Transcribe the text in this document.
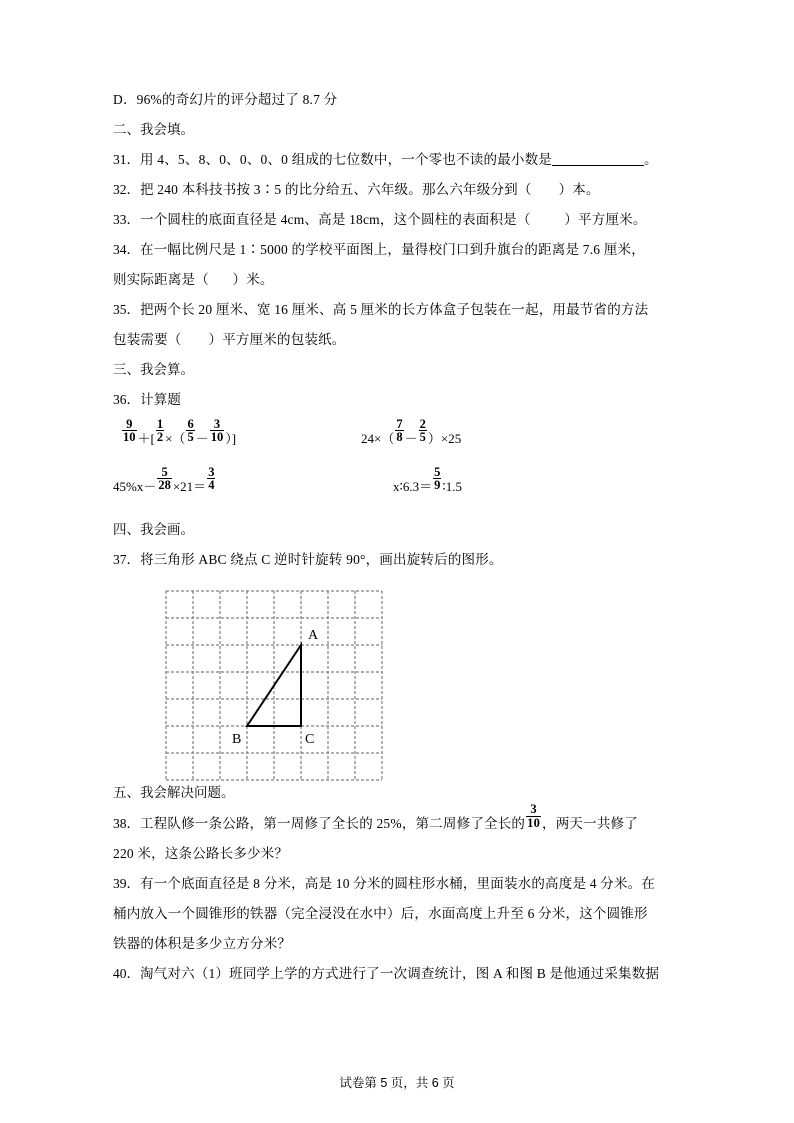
D．96%的奇幻片的评分超过了 8.7 分
二、我会填。
31．用 4、5、8、0、0、0、0 组成的七位数中，一个零也不读的最小数是	。
32．把 240 本科技书按 3∶5 的比分给五、六年级。那么六年级分到（ ）本。
33．一个圆柱的底面直径是 4cm、高是 18cm，这个圆柱的表面积是（	）平方厘米。
34．在一幅比例尺是 1∶5000 的学校平面图上，量得校门口到升旗台的距离是 7.6 厘米，
则实际距离是（ ）米。
35．把两个长 20 厘米、宽 16 厘米、高 5 厘米的长方体盒子包装在一起，用最节省的方法
包装需要（ ）平方厘米的包装纸。
三、我会算。
36．计算题
$\frac{9}{10}$ ＋[ $\frac{1}{2}$ ×（ $\frac{6}{5} - \frac{3}{10}$ ）]	$24\times( \frac{7}{8} - \frac{2}{5} )\times 25$
$45\%x- \frac{5}{28} \times 21= \frac{3}{4}$	x∶6.3＝ $\frac{5}{9}$ ∶1.5
四、我会画。
37．将三角形 ABC 绕点 C 逆时针旋转 90°，画出旋转后的图形。
A
B	C
五、我会解决问题。
38．工程队修一条公路，第一周修了全长的 25%，第二周修了全长的 $\frac{3}{10}$ ，两天一共修了
220 米，这条公路长多少米？
39．有一个底面直径是 8 分米，高是 10 分米的圆柱形水桶，里面装水的高度是 4 分米。在
桶内放入一个圆锥形的铁器（完全浸没在水中）后，水面高度上升至 6 分米，这个圆锥形
铁器的体积是多少立方分米？
40．淘气对六（1）班同学上学的方式进行了一次调查统计，图 A 和图 B 是他通过采集数据
试卷第 5 页，共 6 页
